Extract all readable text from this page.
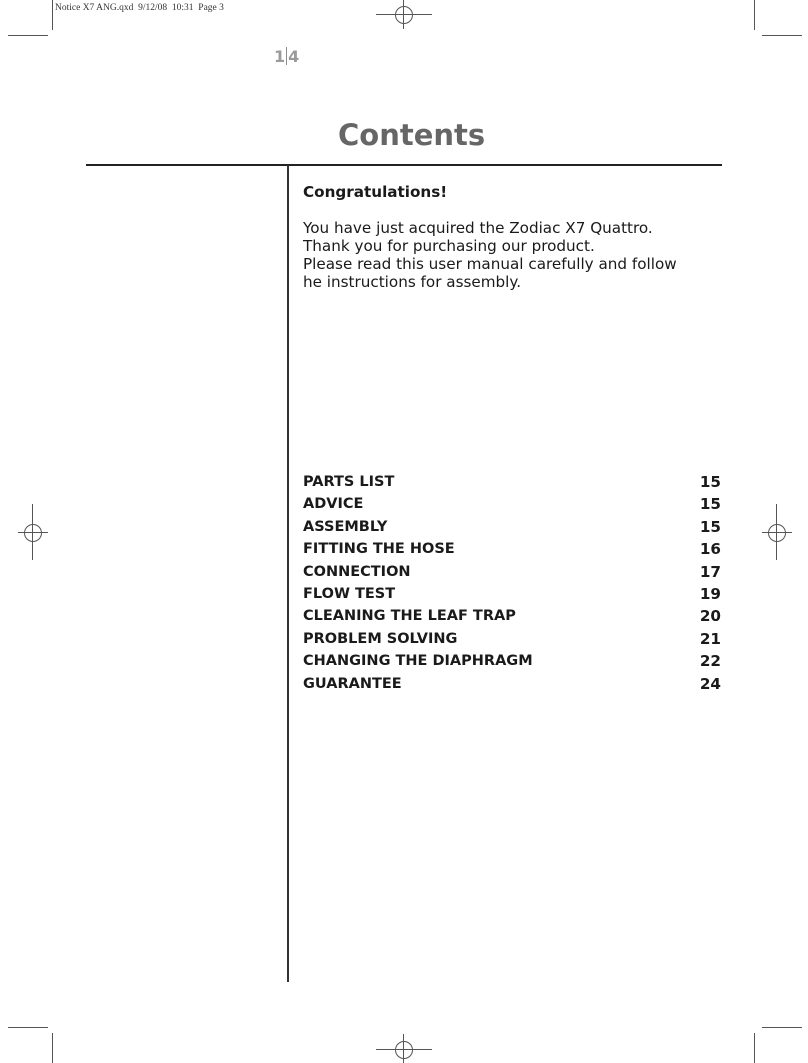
Notice X7 ANG.qxd  9/12/08  10:31  Page 3
1 4
Contents
Congratulations!

You have just acquired the Zodiac X7 Quattro.

Thank you for purchasing our product.

Please read this user manual carefully and follow

he instructions for assembly.

PARTS LIST	15
ADVICE	15
ASSEMBLY	15
FITTING THE HOSE	16
CONNECTION	17
FLOW TEST	19
CLEANING THE LEAF TRAP	20
PROBLEM SOLVING	21
CHANGING THE DIAPHRAGM	22
GUARANTEE	24
